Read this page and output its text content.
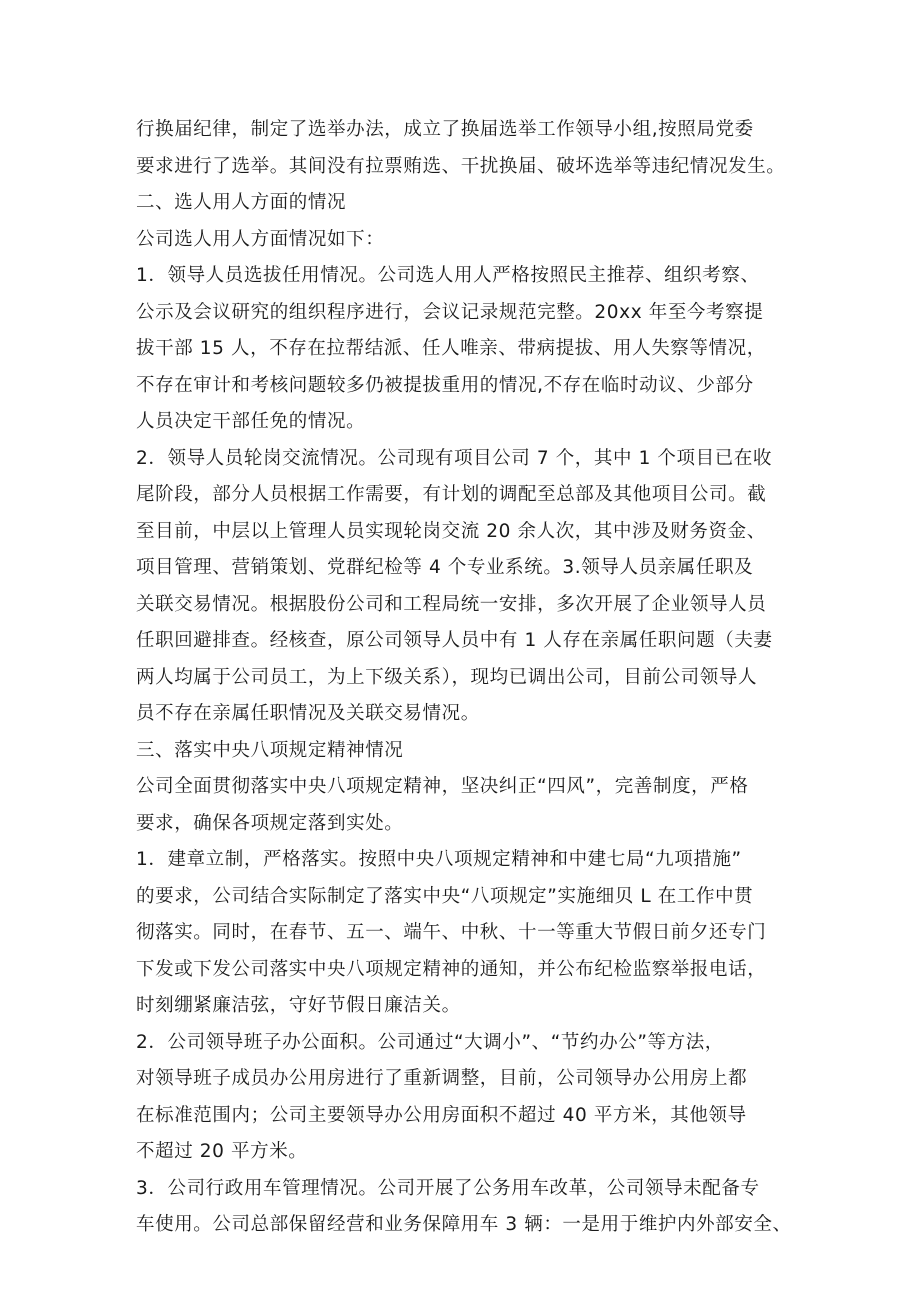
行换届纪律，制定了选举办法，成立了换届选举工作领导小组,按照局党委
要求进行了选举。其间没有拉票贿选、干扰换届、破坏选举等违纪情况发生。
二、选人用人方面的情况
公司选人用人方面情况如下：
1．领导人员选拔任用情况。公司选人用人严格按照民主推荐、组织考察、
公示及会议研究的组织程序进行，会议记录规范完整。20xx 年至今考察提
拔干部 15 人，不存在拉帮结派、任人唯亲、带病提拔、用人失察等情况，
不存在审计和考核问题较多仍被提拔重用的情况,不存在临时动议、少部分
人员决定干部任免的情况。
2．领导人员轮岗交流情况。公司现有项目公司 7 个，其中 1 个项目已在收
尾阶段，部分人员根据工作需要，有计划的调配至总部及其他项目公司。截
至目前，中层以上管理人员实现轮岗交流 20 余人次，其中涉及财务资金、
项目管理、营销策划、党群纪检等 4 个专业系统。3.领导人员亲属任职及
关联交易情况。根据股份公司和工程局统一安排，多次开展了企业领导人员
任职回避排查。经核查，原公司领导人员中有 1 人存在亲属任职问题（夫妻
两人均属于公司员工，为上下级关系），现均已调出公司，目前公司领导人
员不存在亲属任职情况及关联交易情况。
三、落实中央八项规定精神情况
公司全面贯彻落实中央八项规定精神，坚决纠正“四风”，完善制度，严格
要求，确保各项规定落到实处。
1．建章立制，严格落实。按照中央八项规定精神和中建七局“九项措施”
的要求，公司结合实际制定了落实中央“八项规定”实施细贝 L 在工作中贯
彻落实。同时，在春节、五一、端午、中秋、十一等重大节假日前夕还专门
下发或下发公司落实中央八项规定精神的通知，并公布纪检监察举报电话，
时刻绷紧廉洁弦，守好节假日廉洁关。
2．公司领导班子办公面积。公司通过“大调小”、“节约办公”等方法，
对领导班子成员办公用房进行了重新调整，目前，公司领导办公用房上都
在标准范围内；公司主要领导办公用房面积不超过 40 平方米，其他领导
不超过 20 平方米。
3．公司行政用车管理情况。公司开展了公务用车改革，公司领导未配备专
车使用。公司总部保留经营和业务保障用车 3 辆：一是用于维护内外部安全、
